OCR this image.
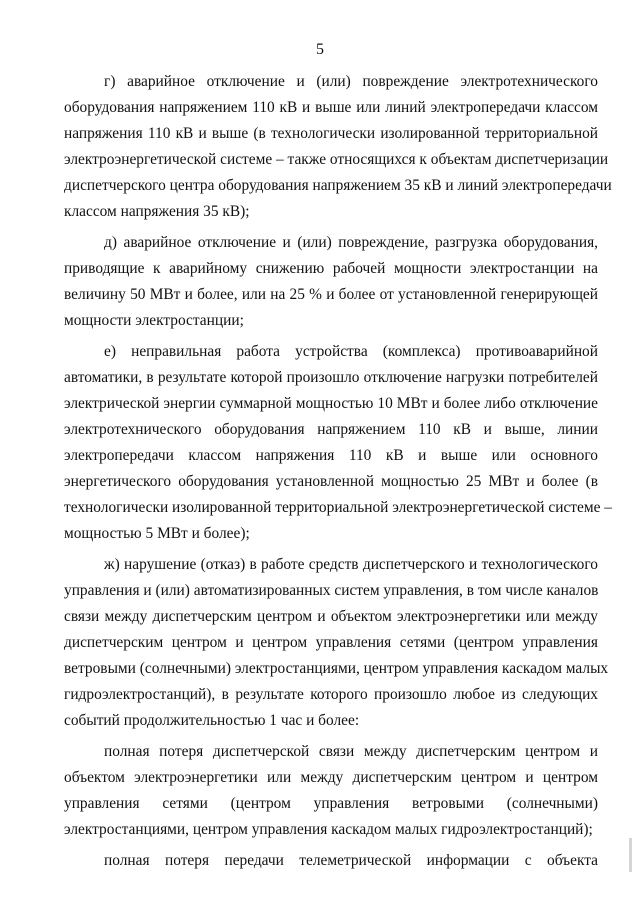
5
г) аварийное отключение и (или) повреждение электротехнического
оборудования напряжением 110 кВ и выше или линий электропередачи классом
напряжения 110 кВ и выше (в технологически изолированной территориальной
электроэнергетической системе – также относящихся к объектам диспетчеризации
диспетчерского центра оборудования напряжением 35 кВ и линий электропередачи
классом напряжения 35 кВ);
д) аварийное отключение и (или) повреждение, разгрузка оборудования,
приводящие к аварийному снижению рабочей мощности электростанции на
величину 50 МВт и более, или на 25 % и более от установленной генерирующей
мощности электростанции;
е) неправильная работа устройства (комплекса) противоаварийной
автоматики, в результате которой произошло отключение нагрузки потребителей
электрической энергии суммарной мощностью 10 МВт и более либо отключение
электротехнического оборудования напряжением 110 кВ и выше, линии
электропередачи классом напряжения 110 кВ и выше или основного
энергетического оборудования установленной мощностью 25 МВт и более (в
технологически изолированной территориальной электроэнергетической системе –
мощностью 5 МВт и более);
ж) нарушение (отказ) в работе средств диспетчерского и технологического
управления и (или) автоматизированных систем управления, в том числе каналов
связи между диспетчерским центром и объектом электроэнергетики или между
диспетчерским центром и центром управления сетями (центром управления
ветровыми (солнечными) электростанциями, центром управления каскадом малых
гидроэлектростанций), в результате которого произошло любое из следующих
событий продолжительностью 1 час и более:
полная потеря диспетчерской связи между диспетчерским центром и
объектом электроэнергетики или между диспетчерским центром и центром
управления сетями (центром управления ветровыми (солнечными)
электростанциями, центром управления каскадом малых гидроэлектростанций);
полная потеря передачи телеметрической информации с объекта
